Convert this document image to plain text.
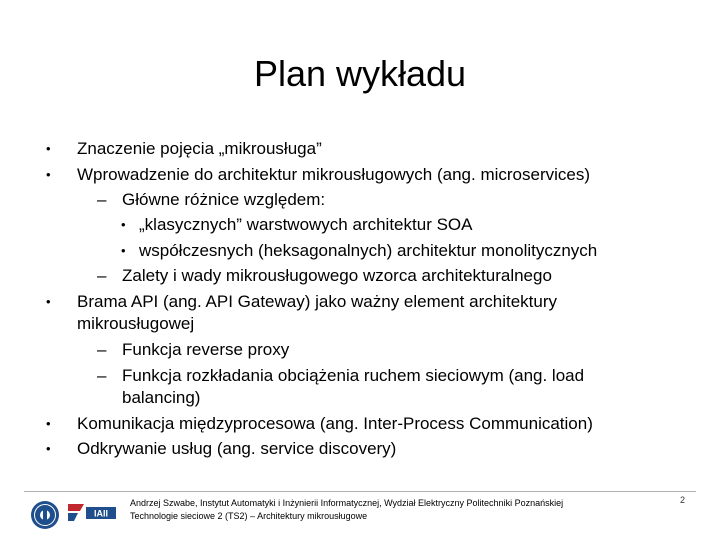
Plan wykładu
• Znaczenie pojęcia „mikrousługa”
• Wprowadzenie do architektur mikrousługowych (ang. microservices)
– Główne różnice względem:
• „klasycznych” warstwowych architektur SOA
• współczesnych (heksagonalnych) architektur monolitycznych
– Zalety i wady mikrousługowego wzorca architekturalnego
• Brama API (ang. API Gateway) jako ważny element architektury
mikrousługowej
– Funkcja reverse proxy
– Funkcja rozkładania obciążenia ruchem sieciowym (ang. load
balancing)
• Komunikacja międzyprocesowa (ang. Inter-Process Communication)
• Odkrywanie usług (ang. service discovery)
IAII
Andrzej Szwabe, Instytut Automatyki i Inżynierii Informatycznej, Wydział Elektryczny Politechniki Poznańskiej
Technologie sieciowe 2 (TS2) – Architektury mikrousługowe
2
